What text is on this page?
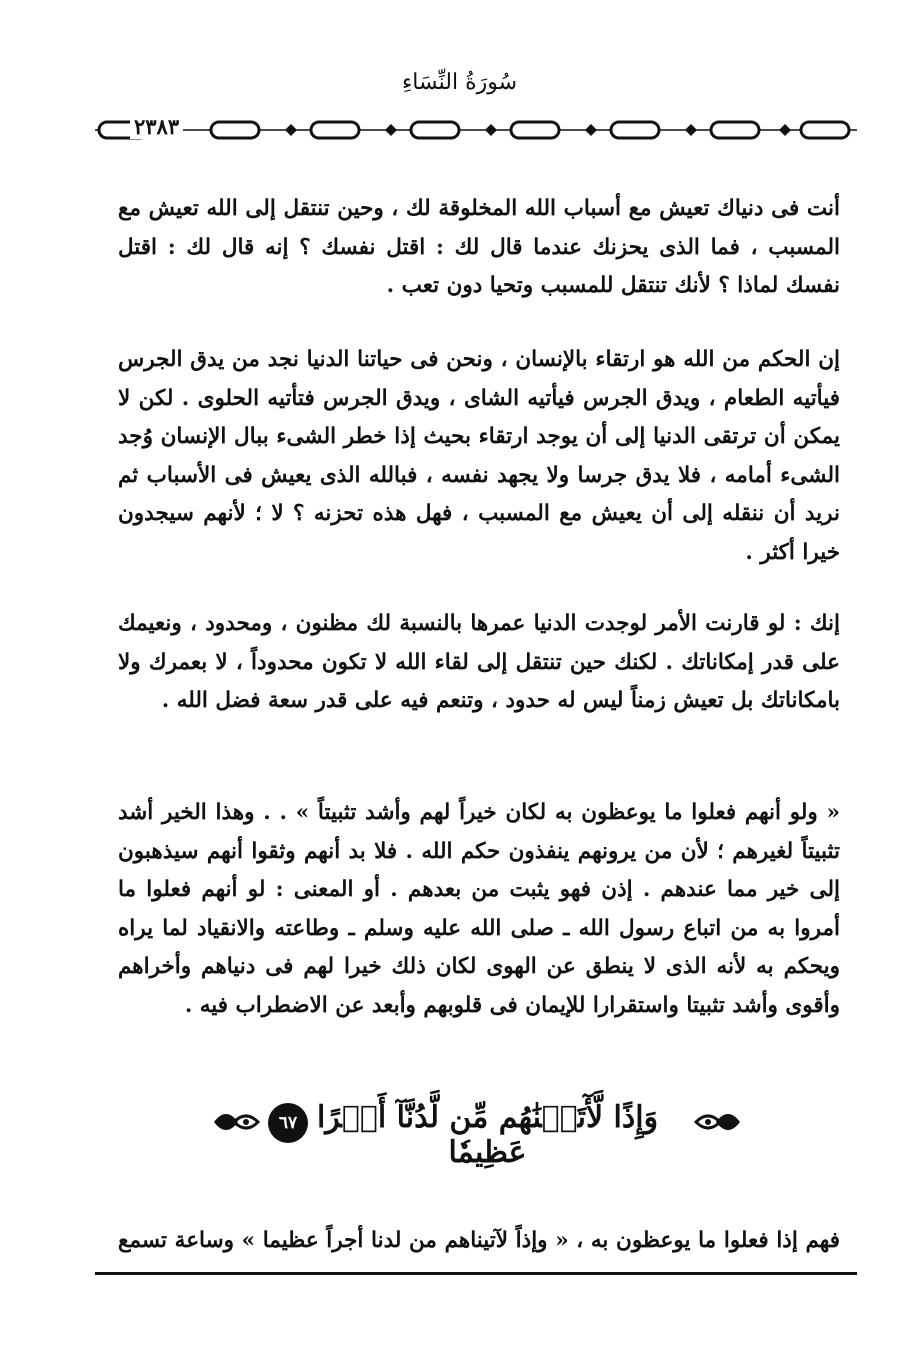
سُورَةُ النِّسَاءِ
٢٣٨٣
أنت فى دنياك تعيش مع أسباب الله المخلوقة لك ، وحين تنتقل إلى الله تعيش مع المسبب ، فما الذى يحزنك عندما قال لك : اقتل نفسك ؟ إنه قال لك : اقتل نفسك لماذا ؟ لأنك تنتقل للمسبب وتحيا دون تعب .
إن الحكم من الله هو ارتقاء بالإنسان ، ونحن فى حياتنا الدنيا نجد من يدق الجرس فيأتيه الطعام ، ويدق الجرس فيأتيه الشاى ، ويدق الجرس فتأتيه الحلوى . لكن لا يمكن أن ترتقى الدنيا إلى أن يوجد ارتقاء بحيث إذا خطر الشىء ببال الإنسان وُجد الشىء أمامه ، فلا يدق جرسا ولا يجهد نفسه ، فبالله الذى يعيش فى الأسباب ثم نريد أن ننقله إلى أن يعيش مع المسبب ، فهل هذه تحزنه ؟ لا ؛ لأنهم سيجدون خيرا أكثر .
إنك : لو قارنت الأمر لوجدت الدنيا عمرها بالنسبة لك مظنون ، ومحدود ، ونعيمك على قدر إمكاناتك . لكنك حين تنتقل إلى لقاء الله لا تكون محدوداً ، لا بعمرك ولا بامكاناتك بل تعيش زمناً ليس له حدود ، وتنعم فيه على قدر سعة فضل الله .
« ولو أنهم فعلوا ما يوعظون به لكان خيراً لهم وأشد تثبيتاً » . . وهذا الخير أشد تثبيتاً لغيرهم ؛ لأن من يرونهم ينفذون حكم الله . فلا بد أنهم وثقوا أنهم سيذهبون إلى خير مما عندهم . إذن فهو يثبت من بعدهم . أو المعنى : لو أنهم فعلوا ما أمروا به من اتباع رسول الله ـ صلى الله عليه وسلم ـ وطاعته والانقياد لما يراه ويحكم به لأنه الذى لا ينطق عن الهوى لكان ذلك خيرا لهم فى دنياهم وأخراهم وأقوى وأشد تثبيتا واستقرارا للإيمان فى قلوبهم وأبعد عن الاضطراب فيه .
٦٧ وَإِذًا لَّأٓتَيۡنَٰهُم مِّن لَّدُنَّآ أَجۡرًا عَظِيمٗا
فهم إذا فعلوا ما يوعظون به ، « وإذاً لآتيناهم من لدنا أجراً عظيما » وساعة تسمع
